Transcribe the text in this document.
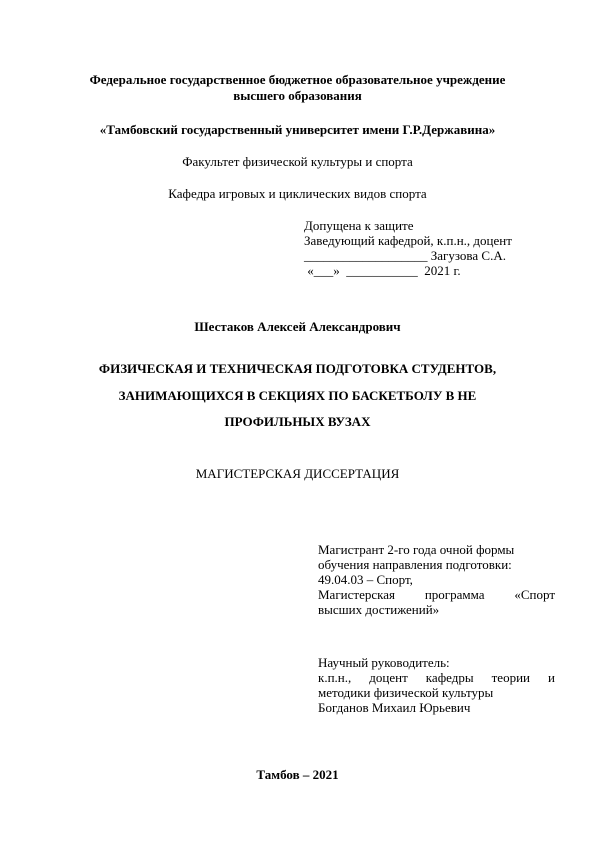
Федеральное государственное бюджетное образовательное учреждение
высшего образования
«Тамбовский государственный университет имени Г.Р.Державина»
Факультет физической культуры и спорта
Кафедра игровых и циклических видов спорта
Допущена к защите
Заведующий кафедрой, к.п.н., доцент
___________________ Загузова С.А.
«___»  ___________  2021 г.
Шестаков Алексей Александрович
ФИЗИЧЕСКАЯ И ТЕХНИЧЕСКАЯ ПОДГОТОВКА СТУДЕНТОВ,
ЗАНИМАЮЩИХСЯ В СЕКЦИЯХ ПО БАСКЕТБОЛУ В НЕ
ПРОФИЛЬНЫХ ВУЗАХ
МАГИСТЕРСКАЯ ДИССЕРТАЦИЯ
Магистрант 2-го года очной формы
обучения направления подготовки:
49.04.03 – Спорт,
Магистерская программа «Спорт
высших достижений»
Научный руководитель:
к.п.н., доцент кафедры теории и
методики физической культуры
Богданов Михаил Юрьевич
Тамбов – 2021
